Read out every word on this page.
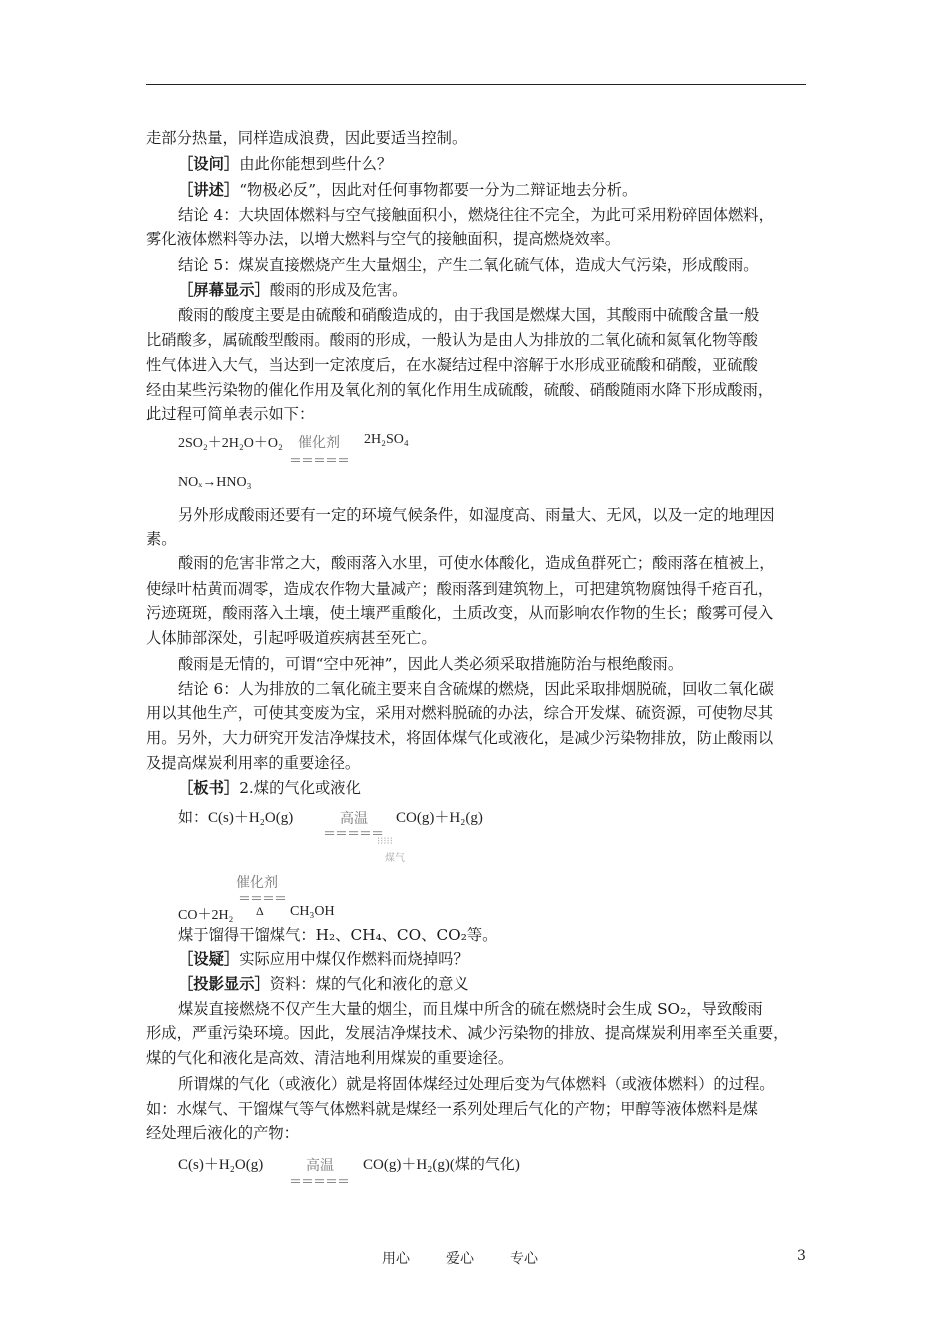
走部分热量，同样造成浪费，因此要适当控制。

［设问］由此你能想到些什么？

［讲述］“物极必反”，因此对任何事物都要一分为二辩证地去分析。

结论 4：大块固体燃料与空气接触面积小，燃烧往往不完全，为此可采用粉碎固体燃料，

雾化液体燃料等办法，以增大燃料与空气的接触面积，提高燃烧效率。

结论 5：煤炭直接燃烧产生大量烟尘，产生二氧化硫气体，造成大气污染，形成酸雨。

［屏幕显示］酸雨的形成及危害。

酸雨的酸度主要是由硫酸和硝酸造成的，由于我国是燃煤大国，其酸雨中硫酸含量一般

比硝酸多，属硫酸型酸雨。酸雨的形成，一般认为是由人为排放的二氧化硫和氮氧化物等酸

性气体进入大气，当达到一定浓度后，在水凝结过程中溶解于水形成亚硫酸和硝酸，亚硫酸

经由某些污染物的催化作用及氧化剂的氧化作用生成硫酸，硫酸、硝酸随雨水降下形成酸雨，

此过程可简单表示如下：

2SO₂＋2H₂O＋O₂ 催化剂
＝＝＝＝＝
2H₂SO₄
NOₓ→HNO₃

另外形成酸雨还要有一定的环境气候条件，如湿度高、雨量大、无风，以及一定的地理因

素。

酸雨的危害非常之大，酸雨落入水里，可使水体酸化，造成鱼群死亡；酸雨落在植被上，

使绿叶枯黄而凋零，造成农作物大量减产；酸雨落到建筑物上，可把建筑物腐蚀得千疮百孔，

污迹斑斑，酸雨落入土壤，使土壤严重酸化，土质改变，从而影响农作物的生长；酸雾可侵入

人体肺部深处，引起呼吸道疾病甚至死亡。

酸雨是无情的，可谓“空中死神”，因此人类必须采取措施防治与根绝酸雨。

结论 6：人为排放的二氧化硫主要来自含硫煤的燃烧，因此采取排烟脱硫，回收二氧化碳

用以其他生产，可使其变废为宝，采用对燃料脱硫的办法，综合开发煤、硫资源，可使物尽其

用。另外，大力研究开发洁净煤技术，将固体煤气化或液化，是减少污染物排放，防止酸雨以

及提高煤炭利用率的重要途径。

［板书］2.煤的气化或液化

如：C(s)＋H₂O(g)	高温
＝＝＝＝＝
CO(g)＋H₂(g)
⁝⁝⁝⁝⁝
煤气
催化剂
＝＝＝＝
Δ
CO＋2H₂	CH₃OH

煤于馏得干馏煤气：H₂、CH₄、CO、CO₂等。

［设疑］实际应用中煤仅作燃料而烧掉吗？

［投影显示］资料：煤的气化和液化的意义

煤炭直接燃烧不仅产生大量的烟尘，而且煤中所含的硫在燃烧时会生成 SO₂，导致酸雨

形成，严重污染环境。因此，发展洁净煤技术、减少污染物的排放、提高煤炭利用率至关重要，

煤的气化和液化是高效、清洁地利用煤炭的重要途径。

所谓煤的气化（或液化）就是将固体煤经过处理后变为气体燃料（或液体燃料）的过程。

如：水煤气、干馏煤气等气体燃料就是煤经一系列处理后气化的产物；甲醇等液体燃料是煤

经处理后液化的产物：

C(s)＋H₂O(g)	高温
＝＝＝＝＝
CO(g)＋H₂(g)(煤的气化)
用心	爱心	专心	3
